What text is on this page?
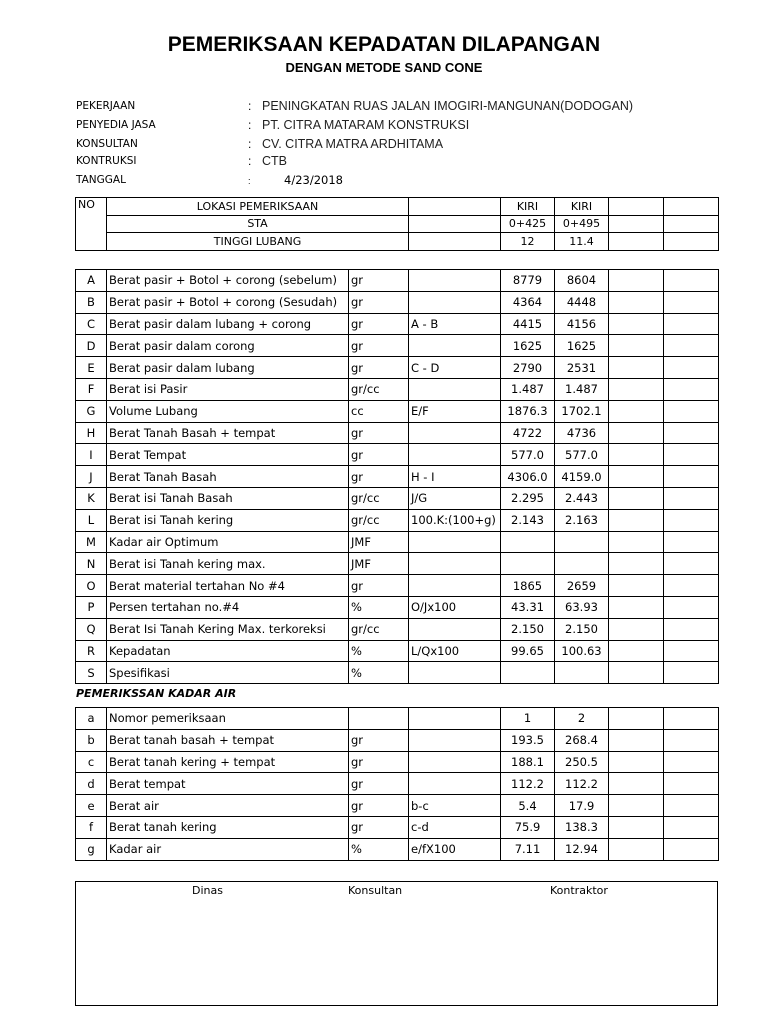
PEMERIKSAAN KEPADATAN DILAPANGAN
DENGAN METODE SAND CONE
PEKERJAAN	: PENINGKATAN RUAS JALAN IMOGIRI-MANGUNAN(DODOGAN)
PENYEDIA JASA	: PT. CITRA MATARAM KONSTRUKSI
KONSULTAN	: CV. CITRA MATRA ARDHITAMA
KONTRUKSI	: CTB
TANGGAL	:	4/23/2018
NO	LOKASI PEMERIKSAAN		KIRI	KIRI		
	STA		0+425	0+495		
	TINGGI LUBANG		12	11.4		
A	Berat pasir + Botol + corong (sebelum)	gr		8779	8604		
B	Berat pasir + Botol + corong (Sesudah)	gr		4364	4448		
C	Berat pasir dalam lubang + corong	gr	A - B	4415	4156		
D	Berat pasir dalam corong	gr		1625	1625		
E	Berat pasir dalam lubang	gr	C - D	2790	2531		
F	Berat isi Pasir	gr/cc		1.487	1.487		
G	Volume Lubang	cc	E/F	1876.3	1702.1		
H	Berat Tanah Basah + tempat	gr		4722	4736		
I	Berat Tempat	gr		577.0	577.0		
J	Berat Tanah Basah	gr	H - I	4306.0	4159.0		
K	Berat isi Tanah Basah	gr/cc	J/G	2.295	2.443		
L	Berat isi Tanah kering	gr/cc	100.K:(100+g)	2.143	2.163		
M	Kadar air Optimum	JMF					
N	Berat isi Tanah kering max.	JMF					
O	Berat material tertahan No #4	gr		1865	2659		
P	Persen tertahan no.#4	%	O/Jx100	43.31	63.93		
Q	Berat Isi Tanah Kering Max. terkoreksi	gr/cc		2.150	2.150		
R	Kepadatan	%	L/Qx100	99.65	100.63		
S	Spesifikasi	%					
PEMERIKSSAN KADAR AIR
a	Nomor pemeriksaan			1	2		
b	Berat tanah basah + tempat	gr		193.5	268.4		
c	Berat tanah kering + tempat	gr		188.1	250.5		
d	Berat tempat	gr		112.2	112.2		
e	Berat air	gr	b-c	5.4	17.9		
f	Berat tanah kering	gr	c-d	75.9	138.3		
g	Kadar air	%	e/fX100	7.11	12.94		
Dinas	Konsultan	Kontraktor
